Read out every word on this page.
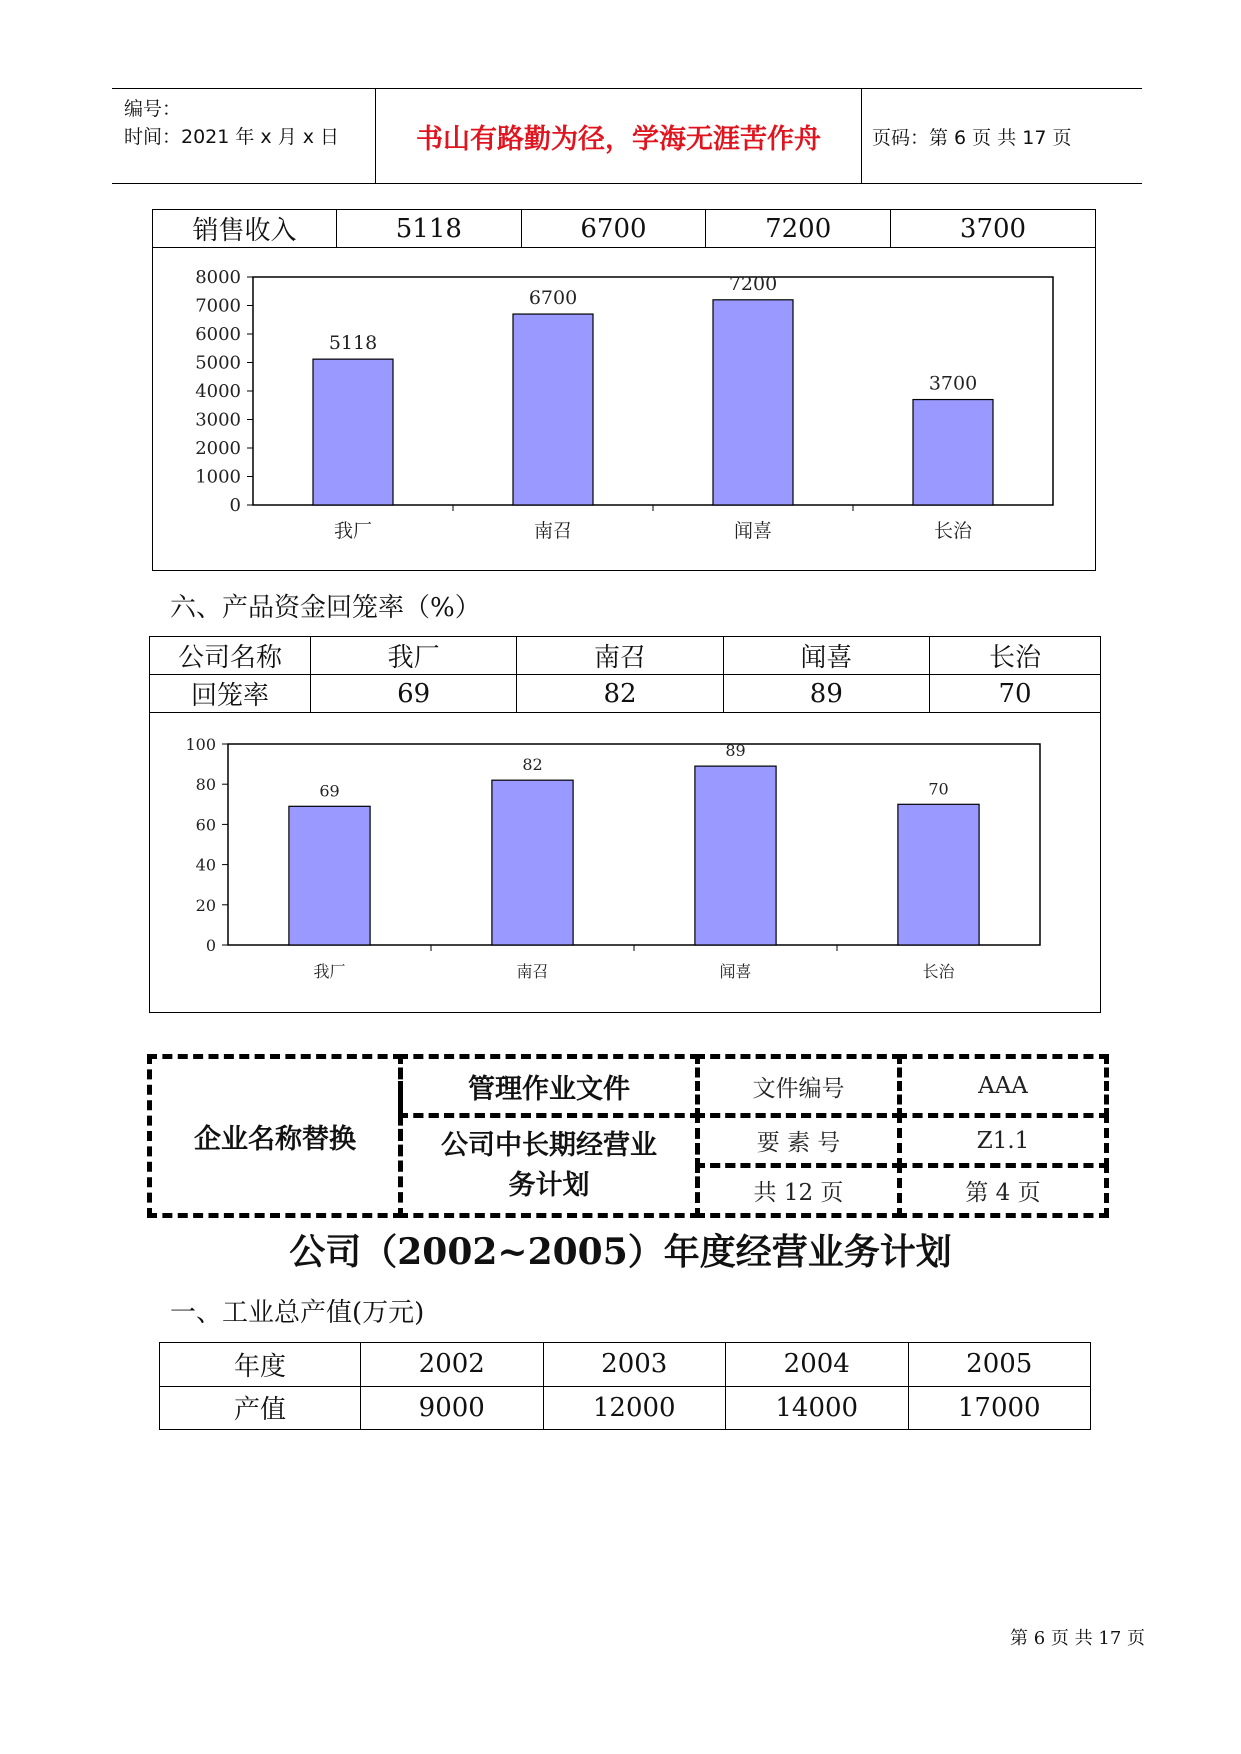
编号：
时间：2021 年 x 月 x 日	书山有路勤为径，学海无涯苦作舟	页码：第 6 页 共 17 页
销售收入	5118	6700	7200	3700
0
1000
2000
3000
4000
5000
6000
7000
8000
5118
我厂
6700
南召
7200
闻喜
3700
长治
六、产品资金回笼率（%）
公司名称	我厂	南召	闻喜	长治
回笼率	69	82	89	70
0
20
40
60
80
100
69
我厂
82
南召
89
闻喜
70
长治
企业名称替换
管理作业文件
公司中长期经营业务计划
文件编号	AAA
要 素 号	Z1.1
共 12 页	第 4 页
公司（2002~2005）年度经营业务计划
一、工业总产值(万元)
年度	2002	2003	2004	2005
产值	9000	12000	14000	17000
第 6 页 共 17 页
